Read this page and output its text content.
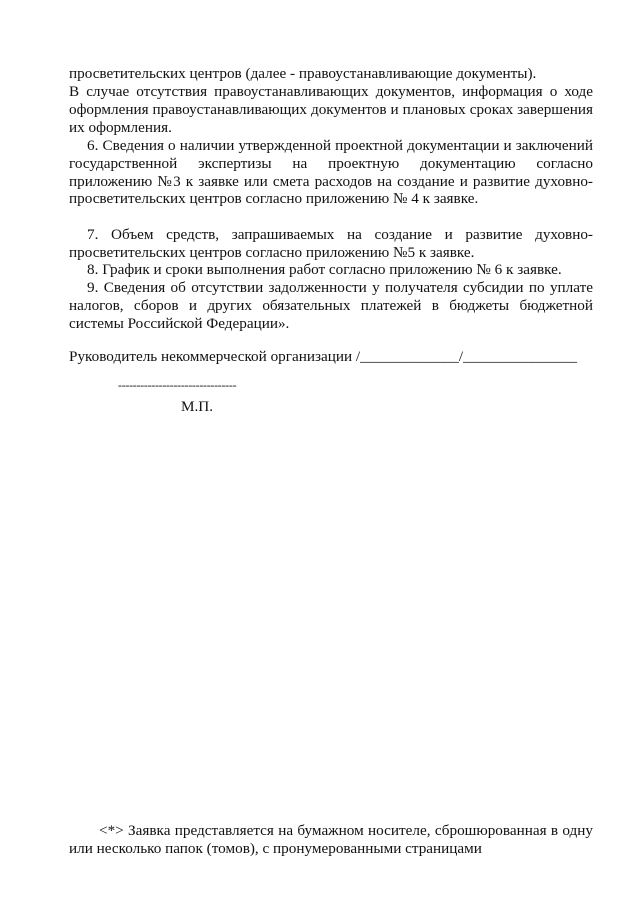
просветительских центров (далее - правоустанавливающие документы).
В случае отсутствия правоустанавливающих документов, информация о ходе оформления правоустанавливающих документов и плановых сроках завершения их оформления.
6. Сведения о наличии утвержденной проектной документации и заключений государственной экспертизы на проектную документацию согласно приложению №3 к заявке или смета расходов на создание и развитие духовно-просветительских центров согласно приложению № 4 к заявке.
7. Объем средств, запрашиваемых на создание и развитие духовно-просветительских центров согласно приложению №5 к заявке.
8. График и сроки выполнения работ согласно приложению № 6 к заявке.
9. Сведения об отсутствии задолженности у получателя субсидии по уплате налогов, сборов и других обязательных платежей в бюджеты бюджетной системы Российской Федерации».
Руководитель некоммерческой организации /_____________/_______________
--------------------------------
М.П.
<*> Заявка представляется на бумажном носителе, сброшюрованная в одну или несколько папок (томов), с пронумерованными страницами
